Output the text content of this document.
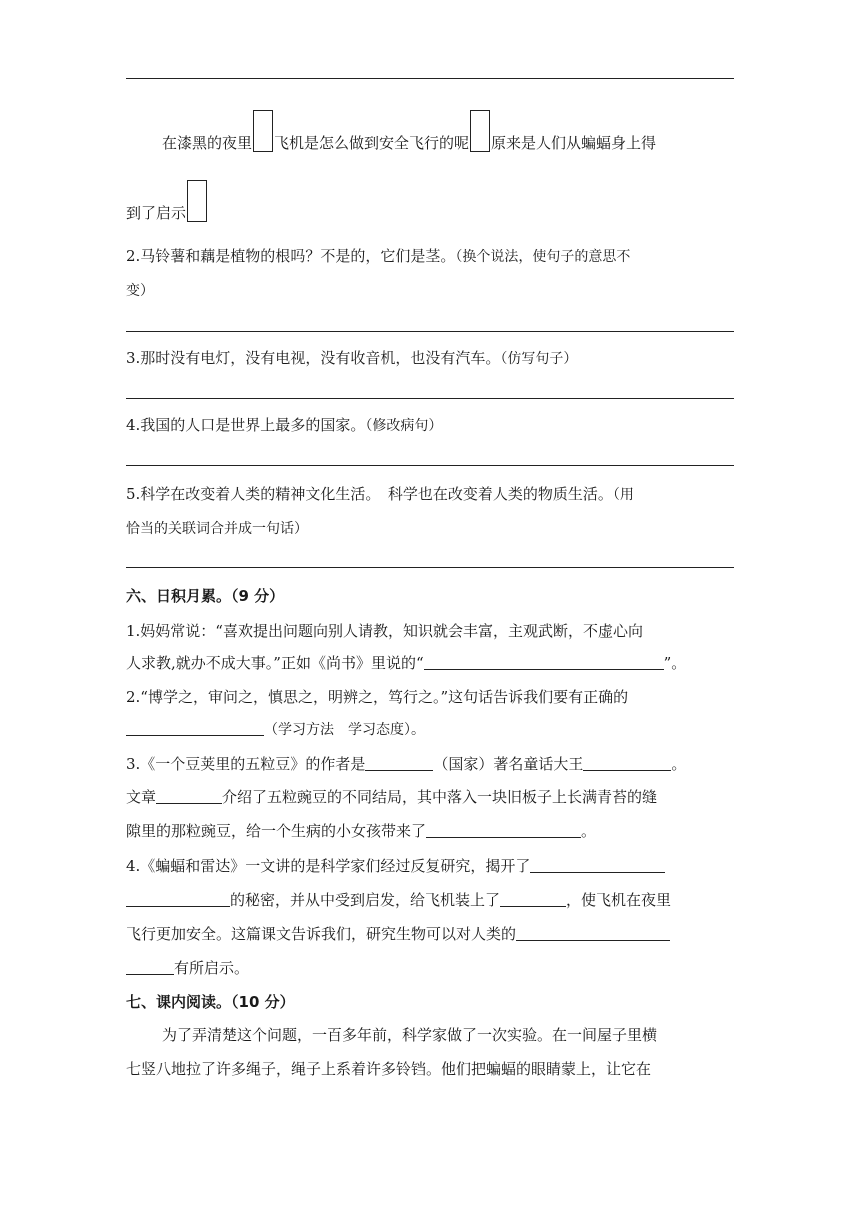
在漆黑的夜里 飞机是怎么做到安全飞行的呢 原来是人们从蝙蝠身上得
到了启示
2.马铃薯和藕是植物的根吗？不是的，它们是茎。（换个说法，使句子的意思不
变）
3.那时没有电灯，没有电视，没有收音机，也没有汽车。（仿写句子）
4.我国的人口是世界上最多的国家。（修改病句）
5.科学在改变着人类的精神文化生活。　科学也在改变着人类的物质生活。（用
恰当的关联词合并成一句话）
六、日积月累。（9 分）
1.妈妈常说：“喜欢提出问题向别人请教，知识就会丰富，主观武断，不虚心向
人求教,就办不成大事。”正如《尚书》里说的“	”。
2.“博学之，审问之，慎思之，明辨之，笃行之。”这句话告诉我们要有正确的
（学习方法　学习态度）。
3.《一个豆荚里的五粒豆》的作者是	（国家）著名童话大王	。
文章	介绍了五粒豌豆的不同结局，其中落入一块旧板子上长满青苔的缝
隙里的那粒豌豆，给一个生病的小女孩带来了	。
4.《蝙蝠和雷达》一文讲的是科学家们经过反复研究，揭开了
的秘密，并从中受到启发，给飞机装上了	，使飞机在夜里
飞行更加安全。这篇课文告诉我们，研究生物可以对人类的
有所启示。
七、课内阅读。（10 分）
为了弄清楚这个问题，一百多年前，科学家做了一次实验。在一间屋子里横
七竖八地拉了许多绳子，绳子上系着许多铃铛。他们把蝙蝠的眼睛蒙上，让它在
